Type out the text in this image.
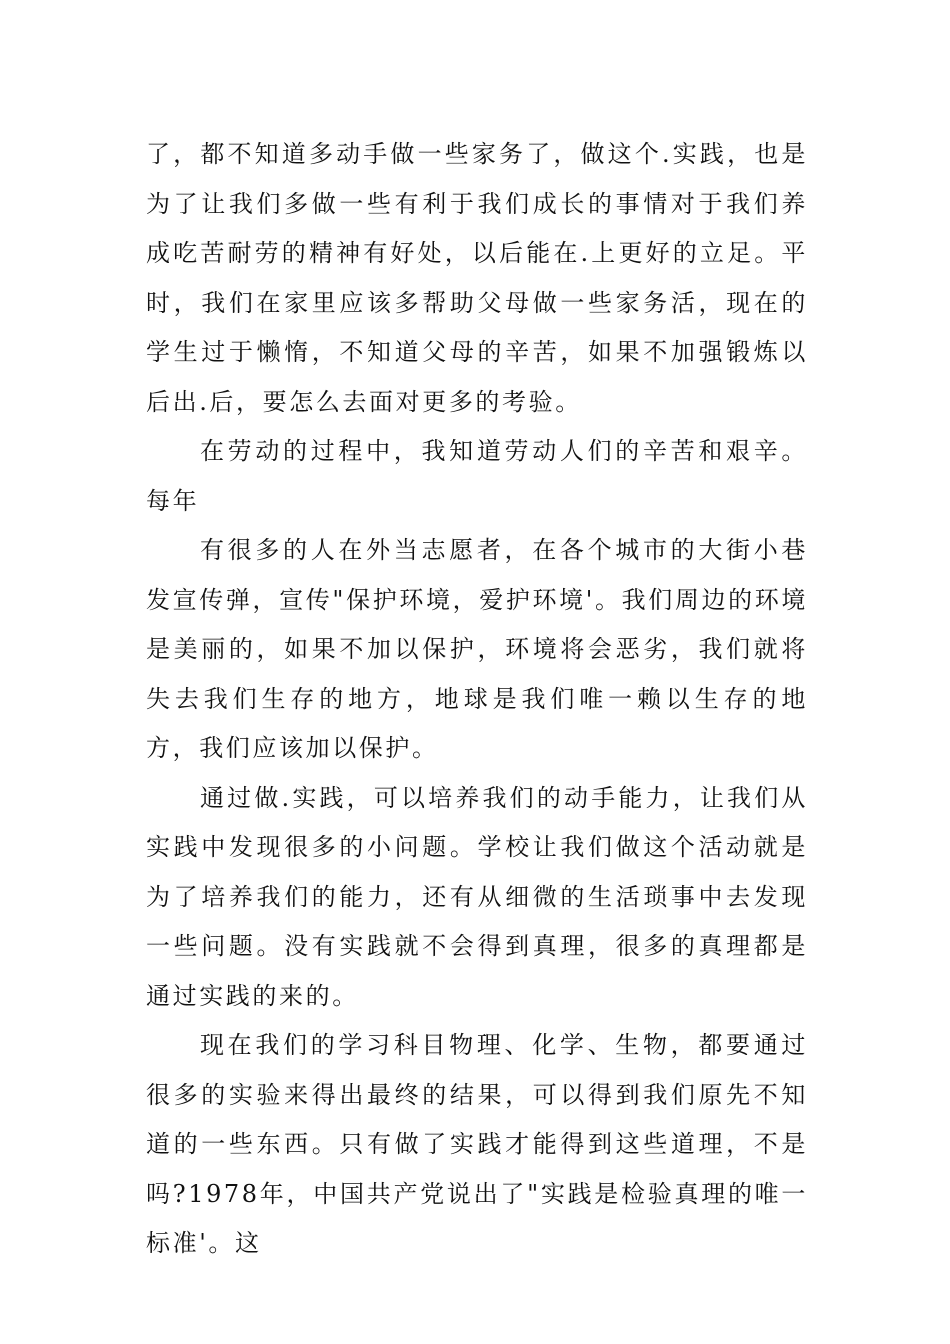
了，都不知道多动手做一些家务了，做这个.实践，也是为了让我们多做一些有利于我们成长的事情对于我们养成吃苦耐劳的精神有好处，以后能在.上更好的立足。平时，我们在家里应该多帮助父母做一些家务活，现在的学生过于懒惰，不知道父母的辛苦，如果不加强锻炼以后出.后，要怎么去面对更多的考验。

在劳动的过程中，我知道劳动人们的辛苦和艰辛。每年

有很多的人在外当志愿者，在各个城市的大街小巷发宣传弹，宣传"保护环境，爱护环境'。我们周边的环境是美丽的，如果不加以保护，环境将会恶劣，我们就将失去我们生存的地方，地球是我们唯一赖以生存的地方，我们应该加以保护。

通过做.实践，可以培养我们的动手能力，让我们从实践中发现很多的小问题。学校让我们做这个活动就是为了培养我们的能力，还有从细微的生活琐事中去发现一些问题。没有实践就不会得到真理，很多的真理都是通过实践的来的。

现在我们的学习科目物理、化学、生物，都要通过很多的实验来得出最终的结果，可以得到我们原先不知道的一些东西。只有做了实践才能得到这些道理，不是吗?1978年，中国共产党说出了"实践是检验真理的唯一标准'。这
